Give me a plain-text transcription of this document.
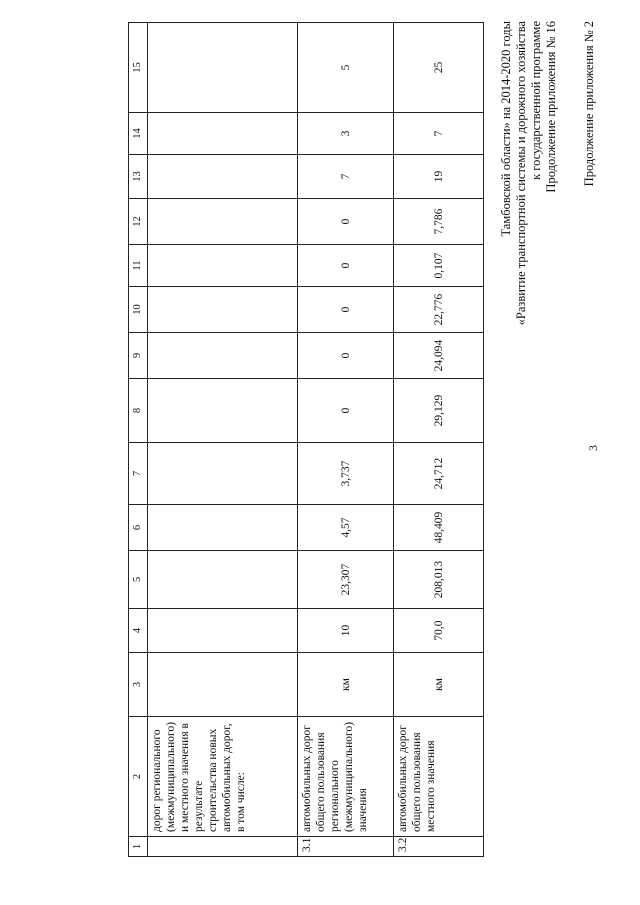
3
Продолжение приложения № 2
Продолжение приложения № 16
к государственной программе
«Развитие транспортной системы и дорожного хозяйства
Тамбовской области» на 2014-2020 годы
1	2	3	4	5	6	7	8	9	10	11	12	13	14	15
	дорог регионального (межмуниципального) и местного значения в результате строительства новых автомобильных дорог, в том числе:													
3.1	автомобильных дорог общего пользования регионального (межмуниципального) значения	км	10	23,307	4,57	3,737	0	0	0	0	0	7	3	5
3.2	автомобильных дорог общего пользования местного значения	км	70,0	208,013	48,409	24,712	29,129	24,094	22,776	0,107	7,786	19	7	25
